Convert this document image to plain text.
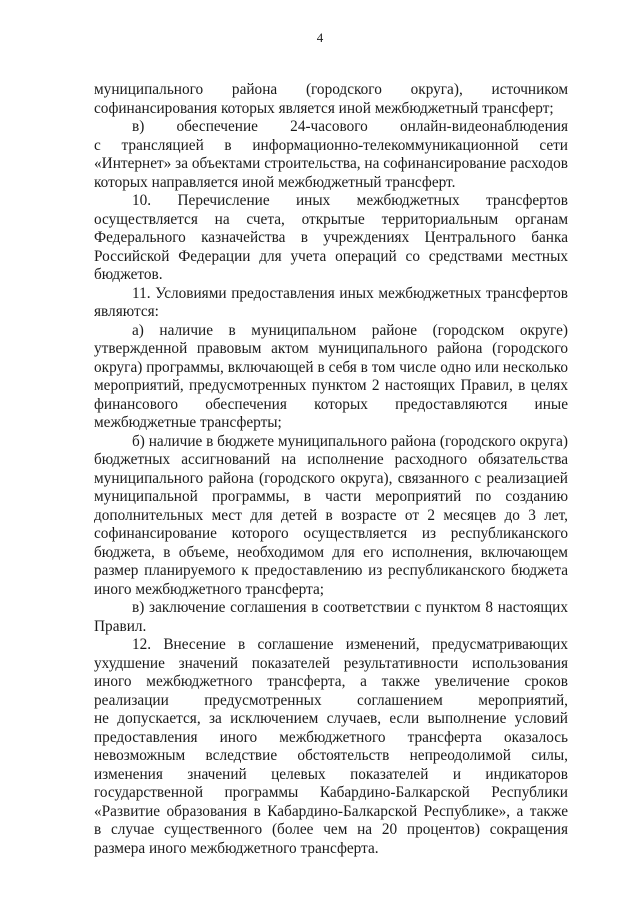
4
муниципального района (городского округа), источником
софинансирования которых является иной межбюджетный трансферт;
в) обеспечение 24-часового онлайн-видеонаблюдения
с трансляцией в информационно-телекоммуникационной сети
«Интернет» за объектами строительства, на софинансирование расходов
которых направляется иной межбюджетный трансферт.
10. Перечисление иных межбюджетных трансфертов
осуществляется на счета, открытые территориальным органам
Федерального казначейства в учреждениях Центрального банка
Российской Федерации для учета операций со средствами местных
бюджетов.
11. Условиями предоставления иных межбюджетных трансфертов
являются:
а) наличие в муниципальном районе (городском округе)
утвержденной правовым актом муниципального района (городского
округа) программы, включающей в себя в том числе одно или несколько
мероприятий, предусмотренных пунктом 2 настоящих Правил, в целях
финансового обеспечения которых предоставляются иные
межбюджетные трансферты;
б) наличие в бюджете муниципального района (городского округа)
бюджетных ассигнований на исполнение расходного обязательства
муниципального района (городского округа), связанного с реализацией
муниципальной программы, в части мероприятий по созданию
дополнительных мест для детей в возрасте от 2 месяцев до 3 лет,
софинансирование которого осуществляется из республиканского
бюджета, в объеме, необходимом для его исполнения, включающем
размер планируемого к предоставлению из республиканского бюджета
иного межбюджетного трансферта;
в) заключение соглашения в соответствии с пунктом 8 настоящих
Правил.
12. Внесение в соглашение изменений, предусматривающих
ухудшение значений показателей результативности использования
иного межбюджетного трансферта, а также увеличение сроков
реализации предусмотренных соглашением мероприятий,
не допускается, за исключением случаев, если выполнение условий
предоставления иного межбюджетного трансферта оказалось
невозможным вследствие обстоятельств непреодолимой силы,
изменения значений целевых показателей и индикаторов
государственной программы Кабардино-Балкарской Республики
«Развитие образования в Кабардино-Балкарской Республике», а также
в случае существенного (более чем на 20 процентов) сокращения
размера иного межбюджетного трансферта.
